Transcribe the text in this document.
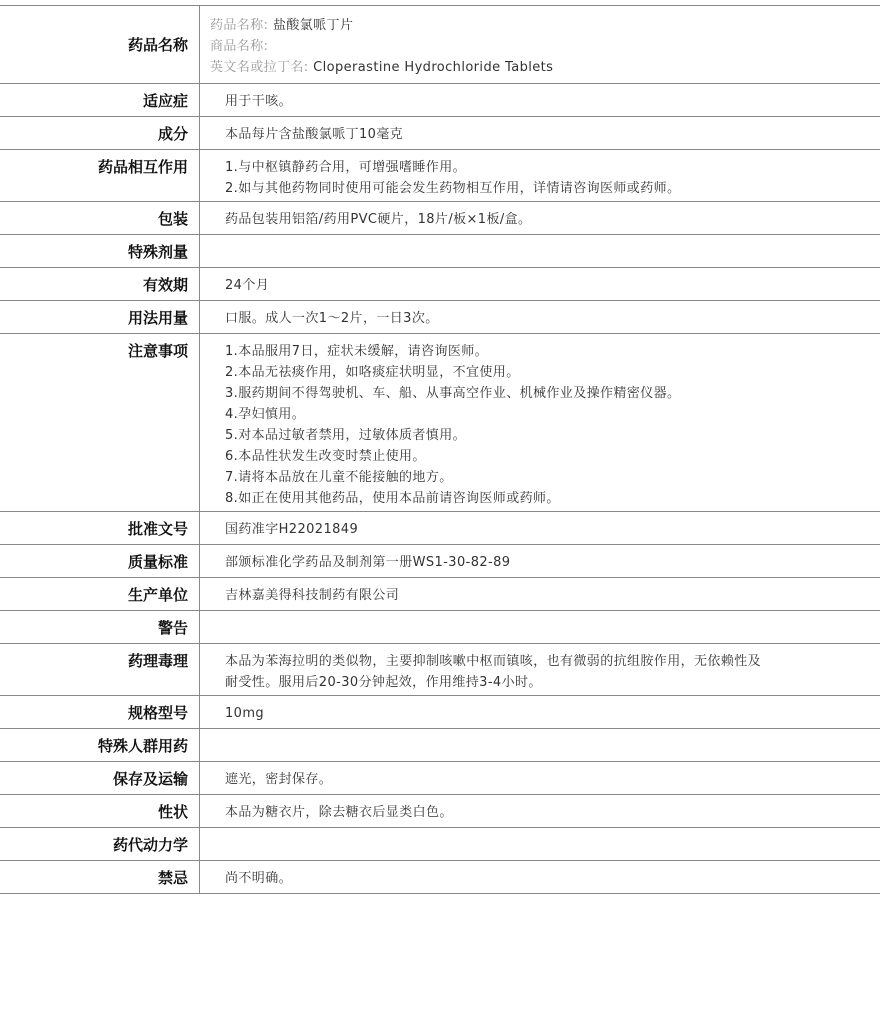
药品名称
药品名称: 盐酸氯哌丁片
商品名称:
英文名或拉丁名: Cloperastine Hydrochloride Tablets
适应症	用于干咳。
成分	本品每片含盐酸氯哌丁10毫克
药品相互作用	1.与中枢镇静药合用，可增强嗜睡作用。
2.如与其他药物同时使用可能会发生药物相互作用，详情请咨询医师或药师。
包装	药品包装用铝箔/药用PVC硬片，18片/板×1板/盒。
特殊剂量
有效期	24个月
用法用量	口服。成人一次1～2片，一日3次。
注意事项	1.本品服用7日，症状未缓解，请咨询医师。
2.本品无祛痰作用，如咯痰症状明显，不宜使用。
3.服药期间不得驾驶机、车、船、从事高空作业、机械作业及操作精密仪器。
4.孕妇慎用。
5.对本品过敏者禁用，过敏体质者慎用。
6.本品性状发生改变时禁止使用。
7.请将本品放在儿童不能接触的地方。
8.如正在使用其他药品，使用本品前请咨询医师或药师。
批准文号	国药准字H22021849
质量标准	部颁标准化学药品及制剂第一册WS1-30-82-89
生产单位	吉林嘉美得科技制药有限公司
警告
药理毒理	本品为苯海拉明的类似物，主要抑制咳嗽中枢而镇咳，也有微弱的抗组胺作用，无依赖性及
耐受性。服用后20-30分钟起效，作用维持3-4小时。
规格型号	10mg
特殊人群用药
保存及运输	遮光，密封保存。
性状	本品为糖衣片，除去糖衣后显类白色。
药代动力学
禁忌	尚不明确。
